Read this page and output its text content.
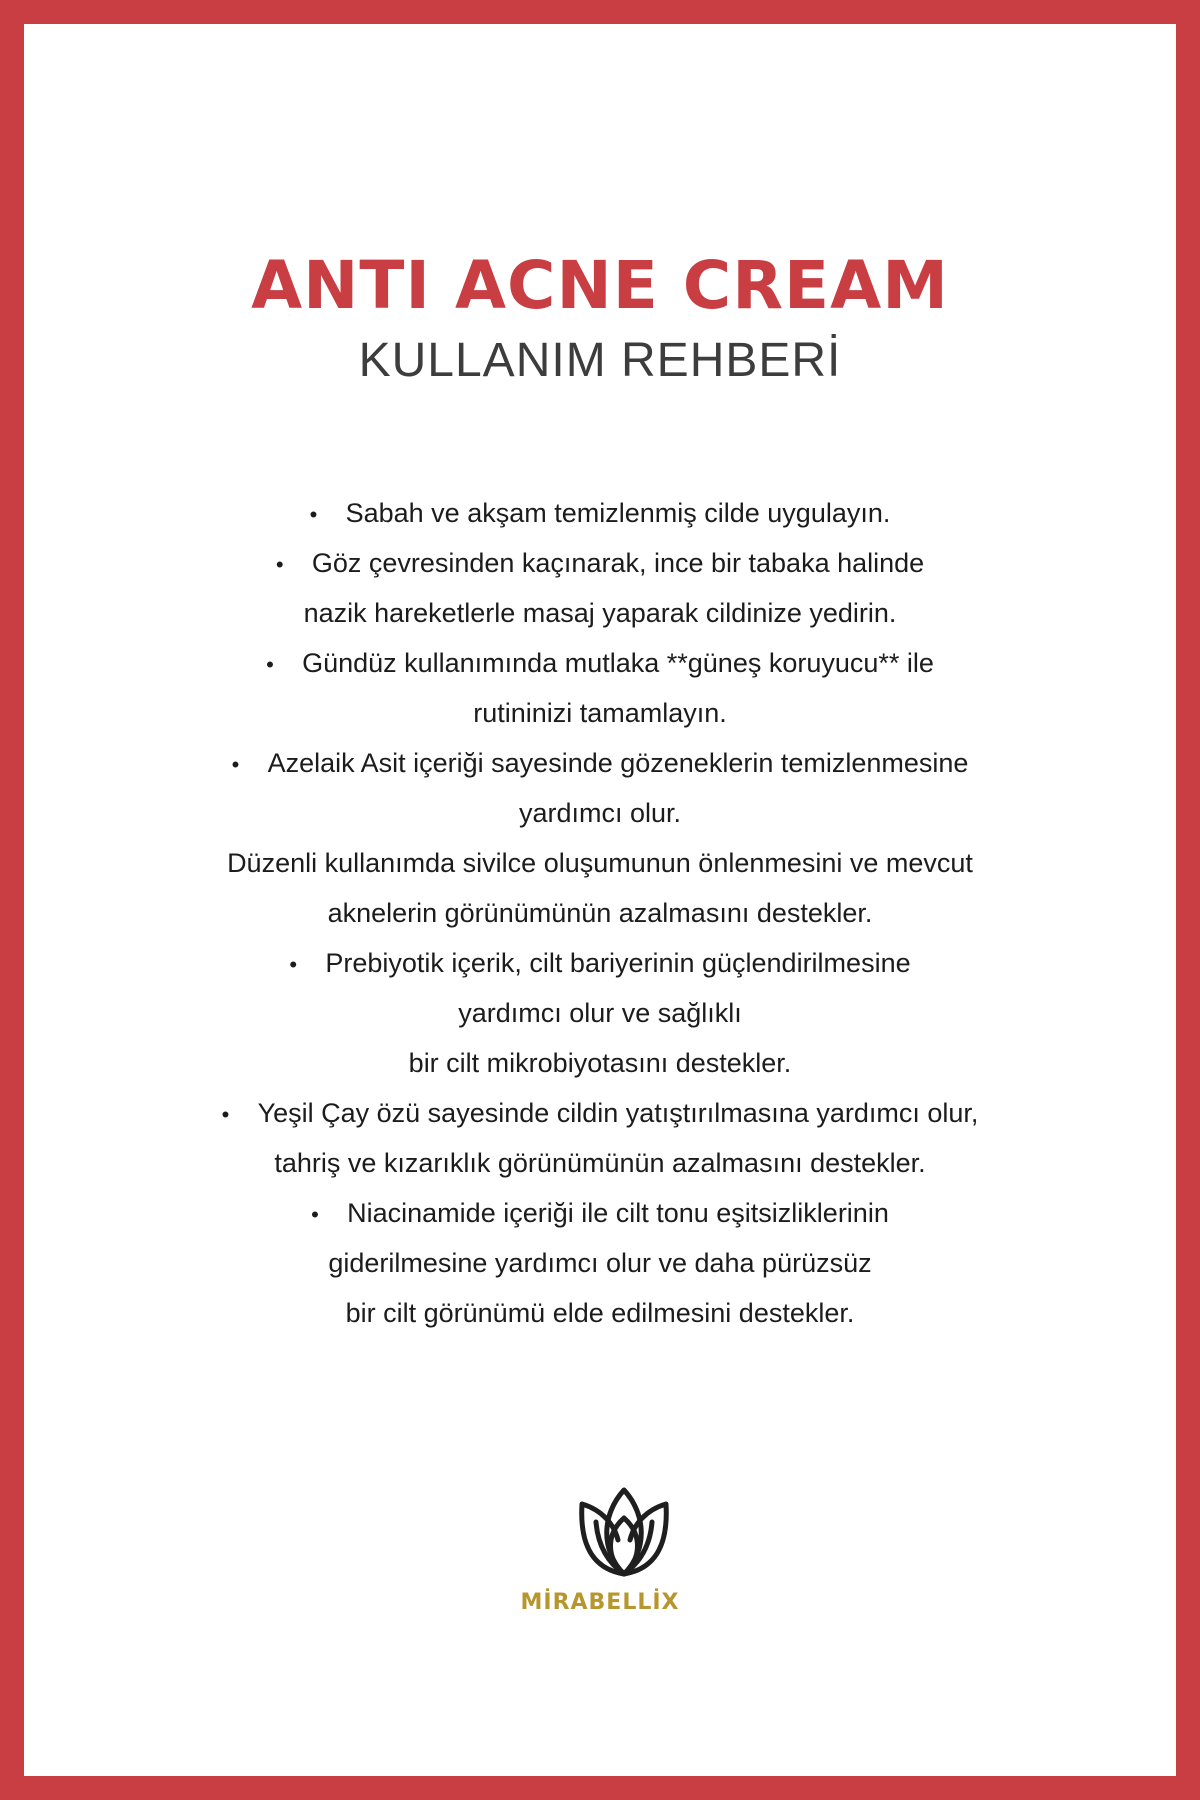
ANTI ACNE CREAM
KULLANIM REHBERİ
• Sabah ve akşam temizlenmiş cilde uygulayın.
• Göz çevresinden kaçınarak, ince bir tabaka halinde
nazik hareketlerle masaj yaparak cildinize yedirin.
• Gündüz kullanımında mutlaka **güneş koruyucu** ile
rutininizi tamamlayın.
• Azelaik Asit içeriği sayesinde gözeneklerin temizlenmesine
yardımcı olur.
Düzenli kullanımda sivilce oluşumunun önlenmesini ve mevcut
aknelerin görünümünün azalmasını destekler.
• Prebiyotik içerik, cilt bariyerinin güçlendirilmesine
yardımcı olur ve sağlıklı
bir cilt mikrobiyotasını destekler.
• Yeşil Çay özü sayesinde cildin yatıştırılmasına yardımcı olur,
tahriş ve kızarıklık görünümünün azalmasını destekler.
• Niacinamide içeriği ile cilt tonu eşitsizliklerinin
giderilmesine yardımcı olur ve daha pürüzsüz
bir cilt görünümü elde edilmesini destekler.
MİRABELLİX
